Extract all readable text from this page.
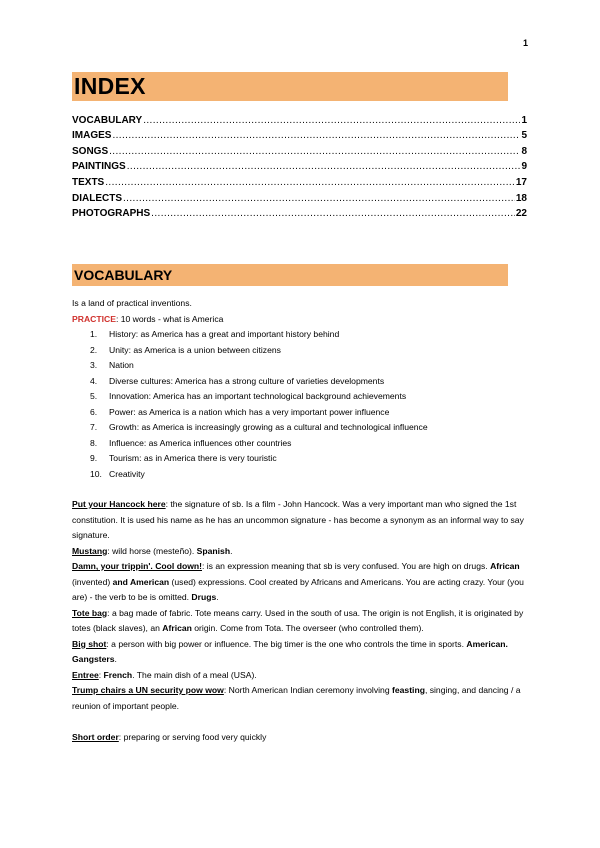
1
INDEX
VOCABULARY .....	1
IMAGES .....	5
SONGS .....	8
PAINTINGS .....	9
TEXTS .....	17
DIALECTS .....	18
PHOTOGRAPHS .....	22
VOCABULARY

Is a land of practical inventions.

PRACTICE: 10 words - what is America

1. History: as America has a great and important history behind
2. Unity: as America is a union between citizens
3. Nation
4. Diverse cultures: America has a strong culture of varieties developments
5. Innovation: America has an important technological background achievements
6. Power: as America is a nation which has a very important power influence
7. Growth: as America is increasingly growing as a cultural and technological influence
8. Influence: as America influences other countries
9. Tourism: as in America there is very touristic
10. Creativity

Put your Hancock here: the signature of sb. Is a film - John Hancock. Was a very important man who signed the 1st constitution. It is used his name as he has an uncommon signature - has become a synonym as an informal way to say signature.

Mustang: wild horse (mesteño). Spanish.

Damn, your trippin'. Cool down!: is an expression meaning that sb is very confused. You are high on drugs. African (invented) and American (used) expressions. Cool created by Africans and Americans. You are acting crazy. Your (you are) - the verb to be is omitted. Drugs.

Tote bag: a bag made of fabric. Tote means carry. Used in the south of usa. The origin is not English, it is originated by totes (black slaves), an African origin. Come from Tota. The overseer (who controlled them).

Big shot: a person with big power or influence. The big timer is the one who controls the time in sports. American. Gangsters.

Entree: French. The main dish of a meal (USA).

Trump chairs a UN security pow wow: North American Indian ceremony involving feasting, singing, and dancing / a reunion of important people.

Short order: preparing or serving food very quickly
